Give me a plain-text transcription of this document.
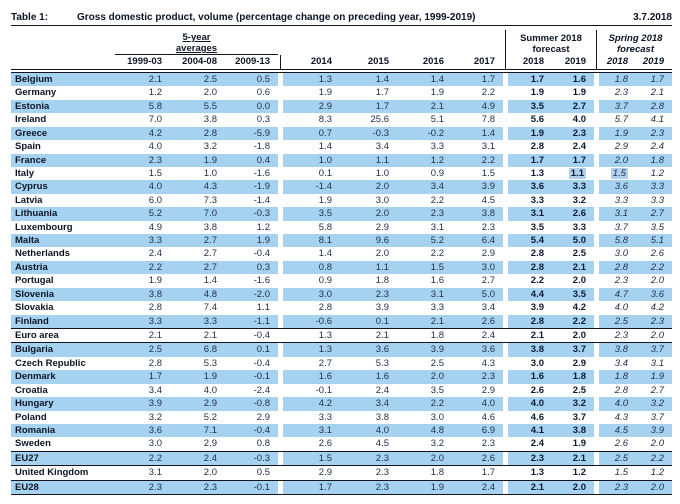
Table 1:	Gross domestic product, volume (percentage change on preceding year, 1999-2019)	3.7.2018
5-year
averages
Summer 2018
forecast
Spring 2018
forecast
1999-03	2004-08	2009-13	2014	2015	2016	2017	2018	2019	2018	2019
Belgium	2.1	2.5	0.5	1.3	1.4	1.4	1.7	1.7	1.6	1.8	1.7
Germany	1.2	2.0	0.6	1.9	1.7	1.9	2.2	1.9	1.9	2.3	2.1
Estonia	5.8	5.5	0.0	2.9	1.7	2.1	4.9	3.5	2.7	3.7	2.8
Ireland	7.0	3.8	0.3	8.3	25.6	5.1	7.8	5.6	4.0	5.7	4.1
Greece	4.2	2.8	-5.9	0.7	-0.3	-0.2	1.4	1.9	2.3	1.9	2.3
Spain	4.0	3.2	-1.8	1.4	3.4	3.3	3.1	2.8	2.4	2.9	2.4
France	2.3	1.9	0.4	1.0	1.1	1.2	2.2	1.7	1.7	2.0	1.8
Italy	1.5	1.0	-1.6	0.1	1.0	0.9	1.5	1.3	1.1	1.5	1.2
Cyprus	4.0	4.3	-1.9	-1.4	2.0	3.4	3.9	3.6	3.3	3.6	3.3
Latvia	6.0	7.3	-1.4	1.9	3.0	2.2	4.5	3.3	3.2	3.3	3.3
Lithuania	5.2	7.0	-0.3	3.5	2.0	2.3	3.8	3.1	2.6	3.1	2.7
Luxembourg	4.9	3.8	1.2	5.8	2.9	3.1	2.3	3.5	3.3	3.7	3.5
Malta	3.3	2.7	1.9	8.1	9.6	5.2	6.4	5.4	5.0	5.8	5.1
Netherlands	2.4	2.7	-0.4	1.4	2.0	2.2	2.9	2.8	2.5	3.0	2.6
Austria	2.2	2.7	0.3	0.8	1.1	1.5	3.0	2.8	2.1	2.8	2.2
Portugal	1.9	1.4	-1.6	0.9	1.8	1.6	2.7	2.2	2.0	2.3	2.0
Slovenia	3.8	4.8	-2.0	3.0	2.3	3.1	5.0	4.4	3.5	4.7	3.6
Slovakia	2.8	7.4	1.1	2.8	3.9	3.3	3.4	3.9	4.2	4.0	4.2
Finland	3.3	3.3	-1.1	-0.6	0.1	2.1	2.6	2.8	2.2	2.5	2.3
Euro area	2.1	2.1	-0.4	1.3	2.1	1.8	2.4	2.1	2.0	2.3	2.0
Bulgaria	2.5	6.8	0.1	1.3	3.6	3.9	3.6	3.8	3.7	3.8	3.7
Czech Republic	2.8	5.3	-0.4	2.7	5.3	2.5	4.3	3.0	2.9	3.4	3.1
Denmark	1.7	1.9	-0.1	1.6	1.6	2.0	2.3	1.6	1.8	1.8	1.9
Croatia	3.4	4.0	-2.4	-0.1	2.4	3.5	2.9	2.6	2.5	2.8	2.7
Hungary	3.9	2.9	-0.8	4.2	3.4	2.2	4.0	4.0	3.2	4.0	3.2
Poland	3.2	5.2	2.9	3.3	3.8	3.0	4.6	4.6	3.7	4.3	3.7
Romania	3.6	7.1	-0.4	3.1	4.0	4.8	6.9	4.1	3.8	4.5	3.9
Sweden	3.0	2.9	0.8	2.6	4.5	3.2	2.3	2.4	1.9	2.6	2.0
EU27	2.2	2.4	-0.3	1.5	2.3	2.0	2.6	2.3	2.1	2.5	2.2
United Kingdom	3.1	2.0	0.5	2.9	2.3	1.8	1.7	1.3	1.2	1.5	1.2
EU28	2.3	2.3	-0.1	1.7	2.3	1.9	2.4	2.1	2.0	2.3	2.0
